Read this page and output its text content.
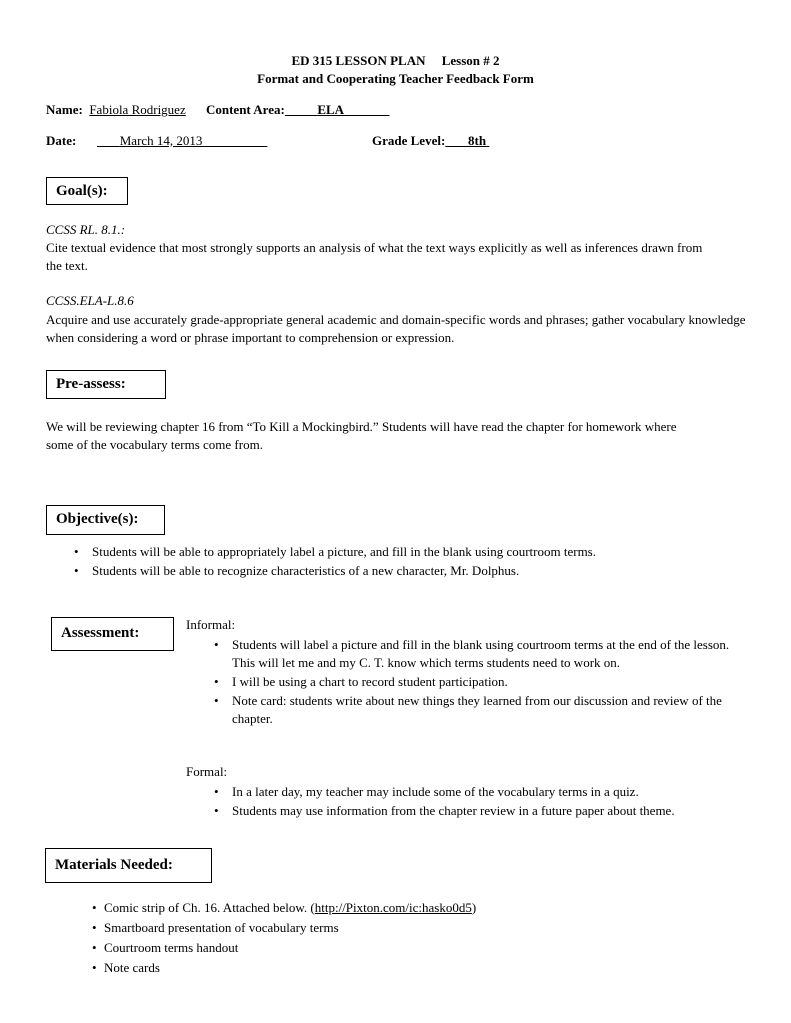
ED 315 LESSON PLAN Lesson # 2
Format and Cooperating Teacher Feedback Form
Name: Fabiola Rodriguez Content Area:	ELA
Date:	March 14, 2013	Grade Level: 8th
Goal(s):
CCSS RL. 8.1.:
Cite textual evidence that most strongly supports an analysis of what the text ways explicitly as well as inferences drawn from the text.
CCSS.ELA-L.8.6
Acquire and use accurately grade-appropriate general academic and domain-specific words and phrases; gather vocabulary knowledge when considering a word or phrase important to comprehension or expression.
Pre-assess:
We will be reviewing chapter 16 from “To Kill a Mockingbird.” Students will have read the chapter for homework where some of the vocabulary terms come from.
Objective(s):
• Students will be able to appropriately label a picture, and fill in the blank using courtroom terms.
• Students will be able to recognize characteristics of a new character, Mr. Dolphus.
Assessment:
Informal:
• Students will label a picture and fill in the blank using courtroom terms at the end of the lesson. This will let me and my C. T. know which terms students need to work on.
• I will be using a chart to record student participation.
• Note card: students write about new things they learned from our discussion and review of the chapter.
Formal:
• In a later day, my teacher may include some of the vocabulary terms in a quiz.
• Students may use information from the chapter review in a future paper about theme.
Materials Needed:
• Comic strip of Ch. 16. Attached below. (http://Pixton.com/ic:hasko0d5)
• Smartboard presentation of vocabulary terms
• Courtroom terms handout
• Note cards
